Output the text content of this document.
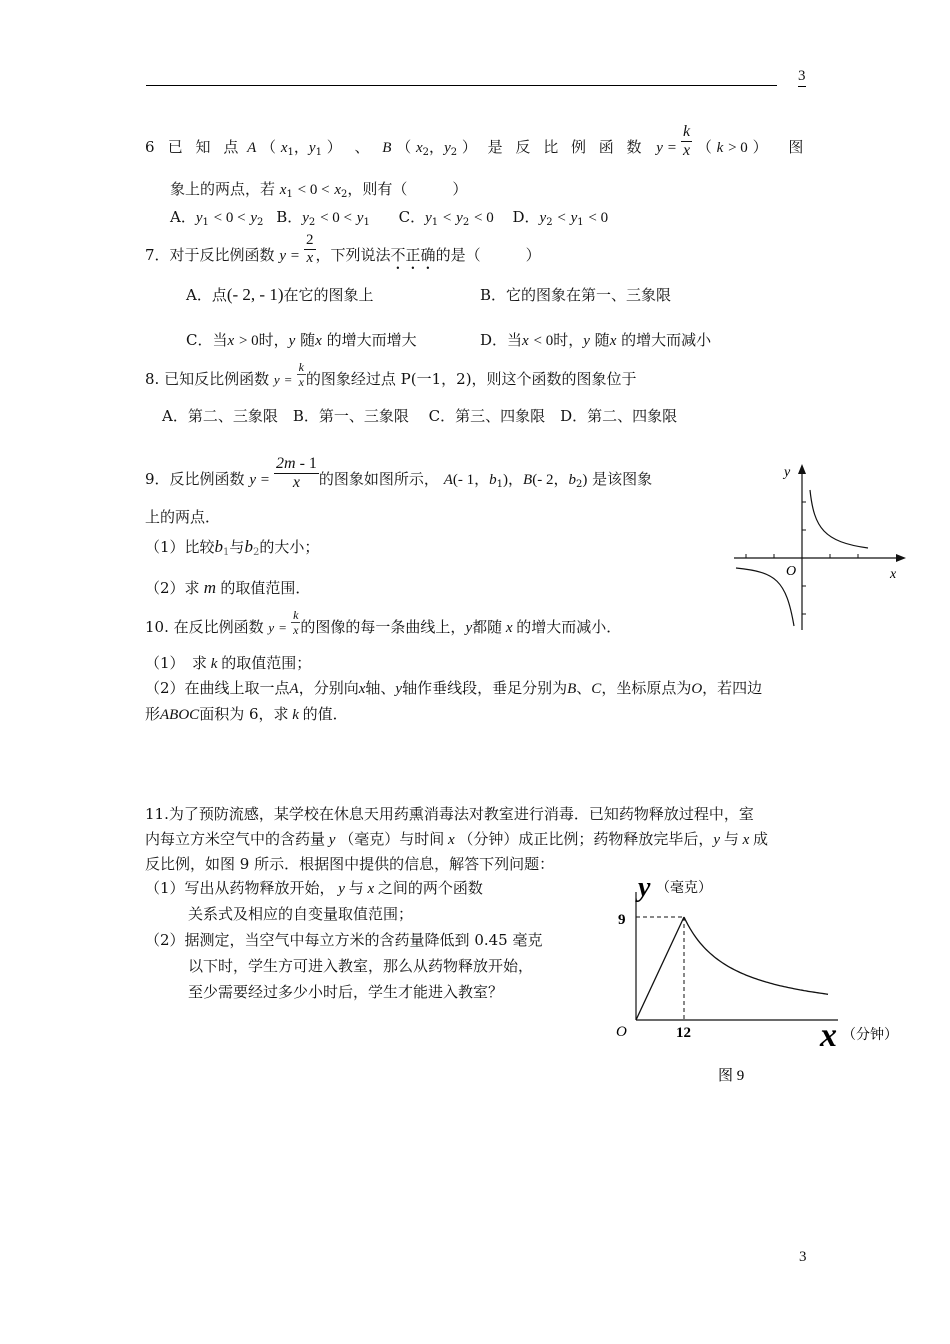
3
6 已 知 点 A （ $x_1$，$y_1$ ） 、 B （ $x_2$，$y_2$ ） 是 反 比 例 函 数 $y = \frac{k}{x}$ （ k > 0 ） 图
象上的两点，若 $x_1 < 0 < x_2$，则有（　　　）
A．$y_1 < 0 < y_2$ B．$y_2 < 0 < y_1$ C．$y_1 < y_2 < 0$ D．$y_2 < y_1 < 0$
7．对于反比例函数 $y = \frac{2}{x}$ ，下列说法不正确的是（　　　）
A．点(- 2, - 1)在它的图象上	B．它的图象在第一、三象限
C．当x > 0时，y 随x 的增大而增大	D．当x < 0时，y 随x 的增大而减小
8. 已知反比例函数 $y = \frac{k}{x}$ 的图象经过点 P(一1，2)，则这个函数的图象位于
A．第二、三象限　B．第一、三象限　 C．第三、四象限　D．第二、四象限
9．反比例函数 $y = \frac{2m - 1}{x}$ 的图象如图所示， A(- 1，$b_1$)，B(- 2，$b_2$) 是该图象
上的两点．
（1）比较$b_1$与$b_2$的大小；
（2）求 m 的取值范围．
y
x
O
10. 在反比例函数 $y = \frac{k}{x}$ 的图像的每一条曲线上，y都随 x 的增大而减小．
（1）　求 k 的取值范围；
（2）在曲线上取一点A，分别向x轴、y轴作垂线段，垂足分别为B、C，坐标原点为O，若四边
形ABOC面积为 6，求 k 的值．
11.为了预防流感，某学校在休息天用药熏消毒法对教室进行消毒．已知药物释放过程中，室
内每立方米空气中的含药量 y （毫克）与时间 x （分钟）成正比例；药物释放完毕后，y 与 x 成
反比例，如图 9 所示．根据图中提供的信息，解答下列问题：
（1）写出从药物释放开始， y 与 x 之间的两个函数
关系式及相应的自变量取值范围；
（2）据测定，当空气中每立方米的含药量降低到 0.45 毫克
以下时，学生方可进入教室，那么从药物释放开始，
至少需要经过多少小时后，学生才能进入教室？
y （毫克）
x （分钟）
O
9
12
图 9
3
